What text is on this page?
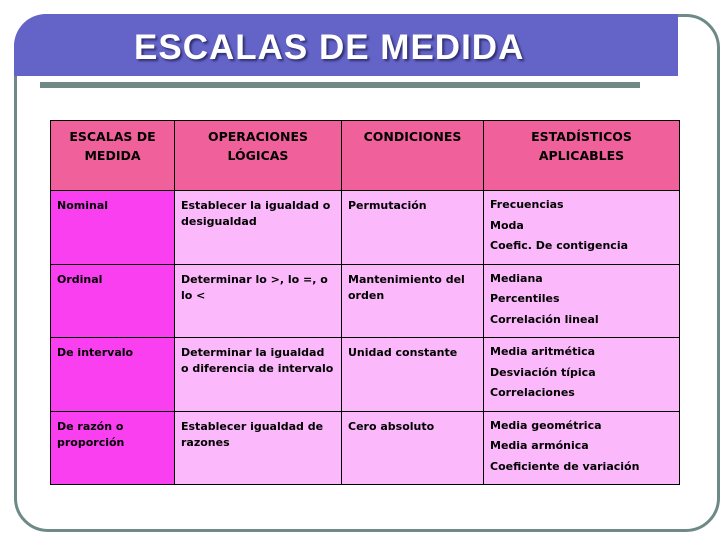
ESCALAS DE MEDIDA
ESCALAS DE MEDIDA	OPERACIONES LÓGICAS	CONDICIONES	ESTADÍSTICOS APLICABLES
Nominal	Establecer la igualdad o desigualdad	Permutación	Frecuencias
Moda
Coefic. De contigencia

Ordinal	Determinar lo >, lo =, o lo <	Mantenimiento del orden	Mediana
Percentiles
Correlación lineal

De intervalo	Determinar la igualdad o diferencia de intervalo	Unidad constante	Media aritmética
Desviación típica
Correlaciones

De razón o proporción	Establecer igualdad de razones	Cero absoluto	Media geométrica
Media armónica
Coeficiente de variación
